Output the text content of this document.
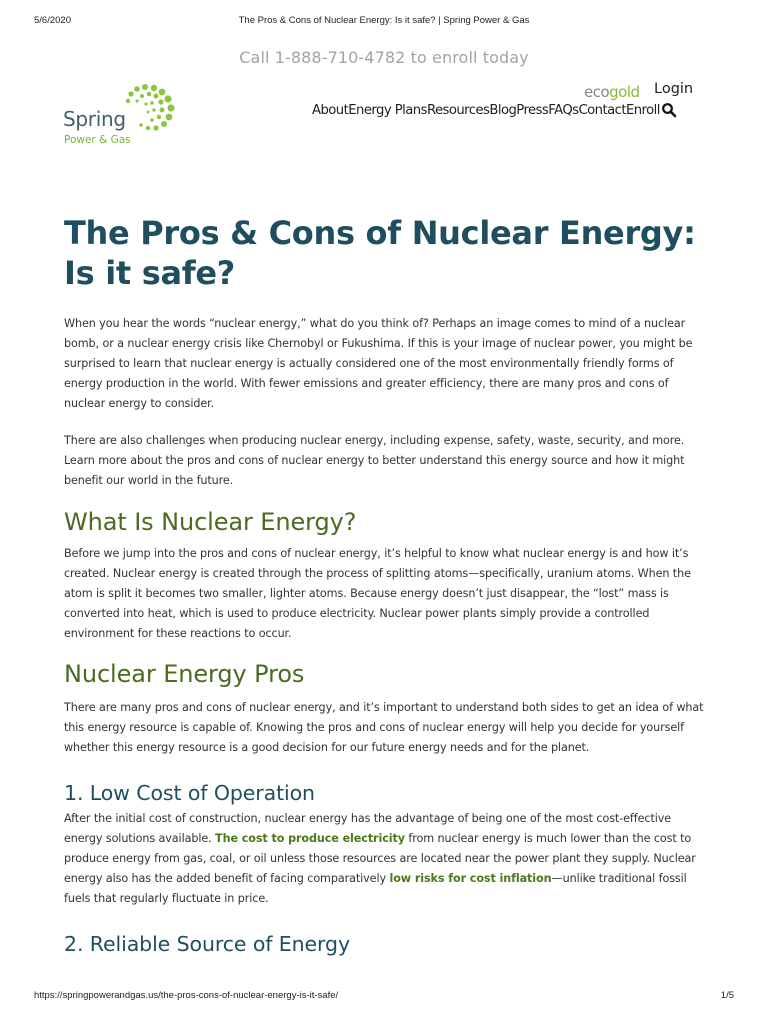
5/6/2020	The Pros & Cons of Nuclear Energy: Is it safe? | Spring Power & Gas
Call 1-888-710-4782 to enroll today
Spring
Power & Gas
ecogold Login
About Energy Plans Resources Blog Press FAQs Contact Enroll
The Pros & Cons of Nuclear Energy: Is it safe?

When you hear the words “nuclear energy,” what do you think of? Perhaps an image comes to mind of a nuclear bomb, or a nuclear energy crisis like Chernobyl or Fukushima. If this is your image of nuclear power, you might be surprised to learn that nuclear energy is actually considered one of the most environmentally friendly forms of energy production in the world. With fewer emissions and greater efficiency, there are many pros and cons of nuclear energy to consider.

There are also challenges when producing nuclear energy, including expense, safety, waste, security, and more. Learn more about the pros and cons of nuclear energy to better understand this energy source and how it might benefit our world in the future.

What Is Nuclear Energy?

Before we jump into the pros and cons of nuclear energy, it’s helpful to know what nuclear energy is and how it’s created. Nuclear energy is created through the process of splitting atoms—specifically, uranium atoms. When the atom is split it becomes two smaller, lighter atoms. Because energy doesn’t just disappear, the “lost” mass is converted into heat, which is used to produce electricity. Nuclear power plants simply provide a controlled environment for these reactions to occur.

Nuclear Energy Pros

There are many pros and cons of nuclear energy, and it’s important to understand both sides to get an idea of what this energy resource is capable of. Knowing the pros and cons of nuclear energy will help you decide for yourself whether this energy resource is a good decision for our future energy needs and for the planet.

1. Low Cost of Operation

After the initial cost of construction, nuclear energy has the advantage of being one of the most cost-effective energy solutions available. The cost to produce electricity from nuclear energy is much lower than the cost to produce energy from gas, coal, or oil unless those resources are located near the power plant they supply. Nuclear energy also has the added benefit of facing comparatively low risks for cost inflation—unlike traditional fossil fuels that regularly fluctuate in price.

2. Reliable Source of Energy
https://springpowerandgas.us/the-pros-cons-of-nuclear-energy-is-it-safe/	1/5
